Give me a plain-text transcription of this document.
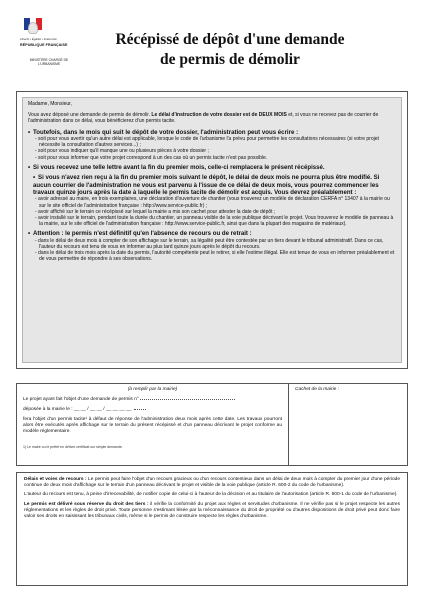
Liberté • Égalité • Fraternité
RÉPUBLIQUE FRANÇAISE
MINISTÈRE CHARGÉ DE L'URBANISME
Récépissé de dépôt d'une demande
de permis de démolir

Madame, Monsieur,

Vous avez déposé une demande de permis de démolir. Le délai d'instruction de votre dossier est de DEUX MOIS et, si vous ne recevez pas de courrier de l'administration dans ce délai, vous bénéficierez d'un permis tacite.

• Toutefois, dans le mois qui suit le dépôt de votre dossier, l'administration peut vous écrire :

- soit pour vous avertir qu'un autre délai est applicable, lorsque le code de l'urbanisme l'a prévu pour permettre les consultations nécessaires (si votre projet nécessite la consultation d'autres services...) ;

- soit pour vous indiquer qu'il manque une ou plusieurs pièces à votre dossier ;

- soit pour vous informer que votre projet correspond à un des cas où un permis tacite n'est pas possible.

• Si vous recevez une telle lettre avant la fin du premier mois, celle-ci remplacera le présent récépissé.
• Si vous n'avez rien reçu à la fin du premier mois suivant le dépôt, le délai de deux mois ne pourra plus être modifié. Si aucun courrier de l'administration ne vous est parvenu à l'issue de ce délai de deux mois, vous pourrez commencer les travaux quinze jours après la date à laquelle le permis tacite de démolir est acquis. Vous devrez préalablement :

- avoir adressé au maire, en trois exemplaires, une déclaration d'ouverture de chantier (vous trouverez un modèle de déclaration CERFA n° 13407 à la mairie ou sur le site officiel de l'administration française : http://www.service-public.fr) ;

- avoir affiché sur le terrain ce récépissé sur lequel la mairie a mis son cachet pour attester la date de dépôt ;

- avoir installé sur le terrain, pendant toute la durée du chantier, un panneau visible de la voie publique décrivant le projet. Vous trouverez le modèle de panneau à la mairie, sur le site officiel de l'administration française : http://www.service-public.fr, ainsi que dans la plupart des magasins de matériaux).

• Attention : le permis n'est définitif qu'en l'absence de recours ou de retrait :

- dans le délai de deux mois à compter de son affichage sur le terrain, sa légalité peut être contestée par un tiers devant le tribunal administratif. Dans ce cas, l'auteur du recours est tenu de vous en informer au plus tard quinze jours après le dépôt du recours.

- dans le délai de trois mois après la date du permis, l'autorité compétente peut le retirer, si elle l'estime illégal. Elle est tenue de vous en informer préalablement et de vous permettre de répondre à ses observations.

(à remplir par la mairie)
Le projet ayant fait l'objet d'une demande de permis n°
déposée à la mairie le : __ __ / __ __ / __ __ __ __
fera l'objet d'un permis tacite¹ à défaut de réponse de l'administration deux mois après cette date. Les travaux pourront alors être exécutés après affichage sur le terrain du présent récépissé et d'un panneau décrivant le projet conforme au modèle réglementaire.
1) Le maire ou le préfet en délivre certificat sur simple demande.
Cachet de la mairie :

Délais et voies de recours : Le permis peut faire l'objet d'un recours gracieux ou d'un recours contentieux dans un délai de deux mois à compter du premier jour d'une période continue de deux mois d'affichage sur le terrain d'un panneau décrivant le projet et visible de la voie publique (article R. 600-2 du code de l'urbanisme).

L'auteur du recours est tenu, à peine d'irrecevabilité, de notifier copie de celui-ci à l'auteur de la décision et au titulaire de l'autorisation (article R. 600-1 du code de l'urbanisme).

Le permis est délivré sous réserve du droit des tiers : il vérifie la conformité du projet aux règles et servitudes d'urbanisme. Il ne vérifie pas si le projet respecte les autres réglementations et les règles de droit privé. Toute personne s'estimant lésée par la méconnaissance du droit de propriété ou d'autres dispositions de droit privé peut donc faire valoir ses droits en saisissant les tribunaux civils, même si le permis de construire respecte les règles d'urbanisme.
